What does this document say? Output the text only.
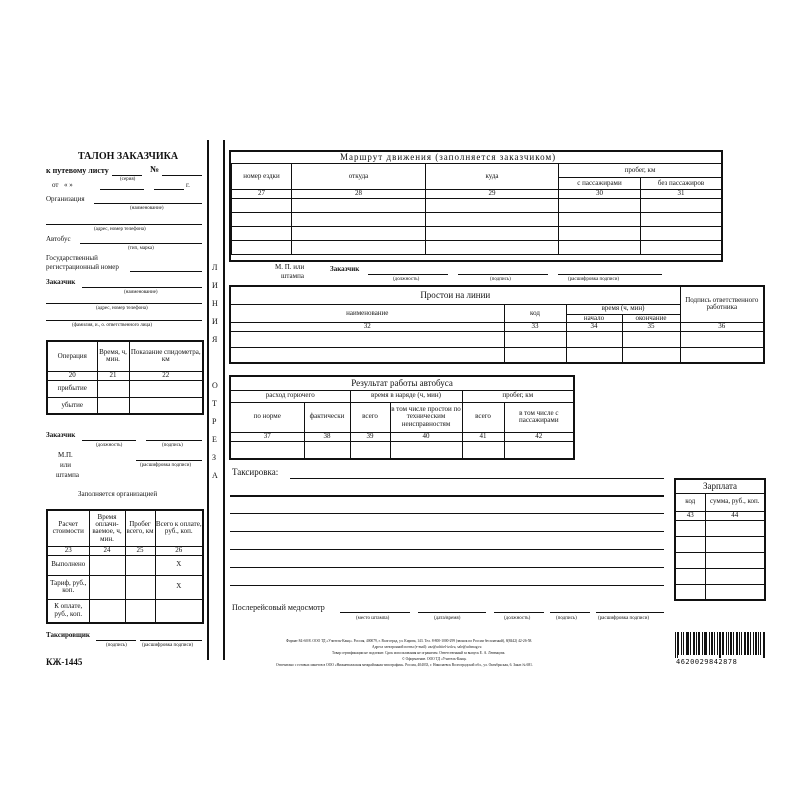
ТАЛОН ЗАКАЗЧИКА
к путевому листу
(серия)
№
от « »	г.
Организация
(наименование)
(адрес, номер телефона)
Автобус
(тип, марка)
Государственный
регистрационный номер
Заказчик
(наименование)
(адрес, номер телефона)
(фамилия, и., о. ответственного лица)
Операция	Время, ч, мин.	Показание спидометра, км
20	21	22
прибытие		
убытие		
Заказчик
(должность)	(подпись)
М.П.
или
штампа
(расшифровка подписи)
Заполняется организацией
Расчет стоимости	Время оплачи-ваемое, ч, мин.	Пробег всего, км	Всего к оплате, руб., коп.
23	24	25	26
Выполнено			X
Тариф, руб., коп.			X
К оплате, руб., коп.			
Таксировщик
(подпись)	(расшифровка подписи)
КЖ-1445
Л
И
Н
И
Я
О
Т
Р
Е
З
А
Маршрут движения (заполняется заказчиком)
номер ездки	откуда	куда	пробег, км	
			с пассажирами	без пассажиров
27	28	29	30	31

М. П. или
штампа
Заказчик
(должность)	(подпись)	(расшифровка подписи)
Простои на линии				Подпись ответственного работника
наименование	код	время (ч, мин)		
		начало	окончание	
32	33	34	35	36

Результат работы автобуса					
расход горючего		время в наряде (ч, мин)		пробег, км	
по норме	фактически	всего	в том числе простои по техническим неисправностям	всего	в том числе с пассажирами
37	38	39	40	41	42

Таксировка:
Зарплата	
код	сумма, руб., коп.
43	44

Послерейсовый медосмотр
(место штампа)	(дата/время)	(должность)	(подпись)	(расшифровка подписи)
Формат 84×60/8. ООО ТД «Учитель-Канц». Россия, 400079, г. Волгоград, ул. Кирова, 143. Тел. 8-800-1000-299 (звонок по России бесплатный), 8(8442) 42-26-58.
Адреса электронной почты (e-mail): zaz@uchitel-izd.ru, sale@uchmag.ru
Товар сертификации не подлежит. Срок использования не ограничен. Ответственный за выпуск Е. А. Левенцова.
© Оформление. ООО ТД «Учитель-Канц»
Отпечатано с готовых макетов в ООО «Нижневолжская межрайонная типография». Россия, 404033, г. Николаевск Волгоградской обл., ул. Октябрьская, 6. Заказ № 681.	4620029842878
